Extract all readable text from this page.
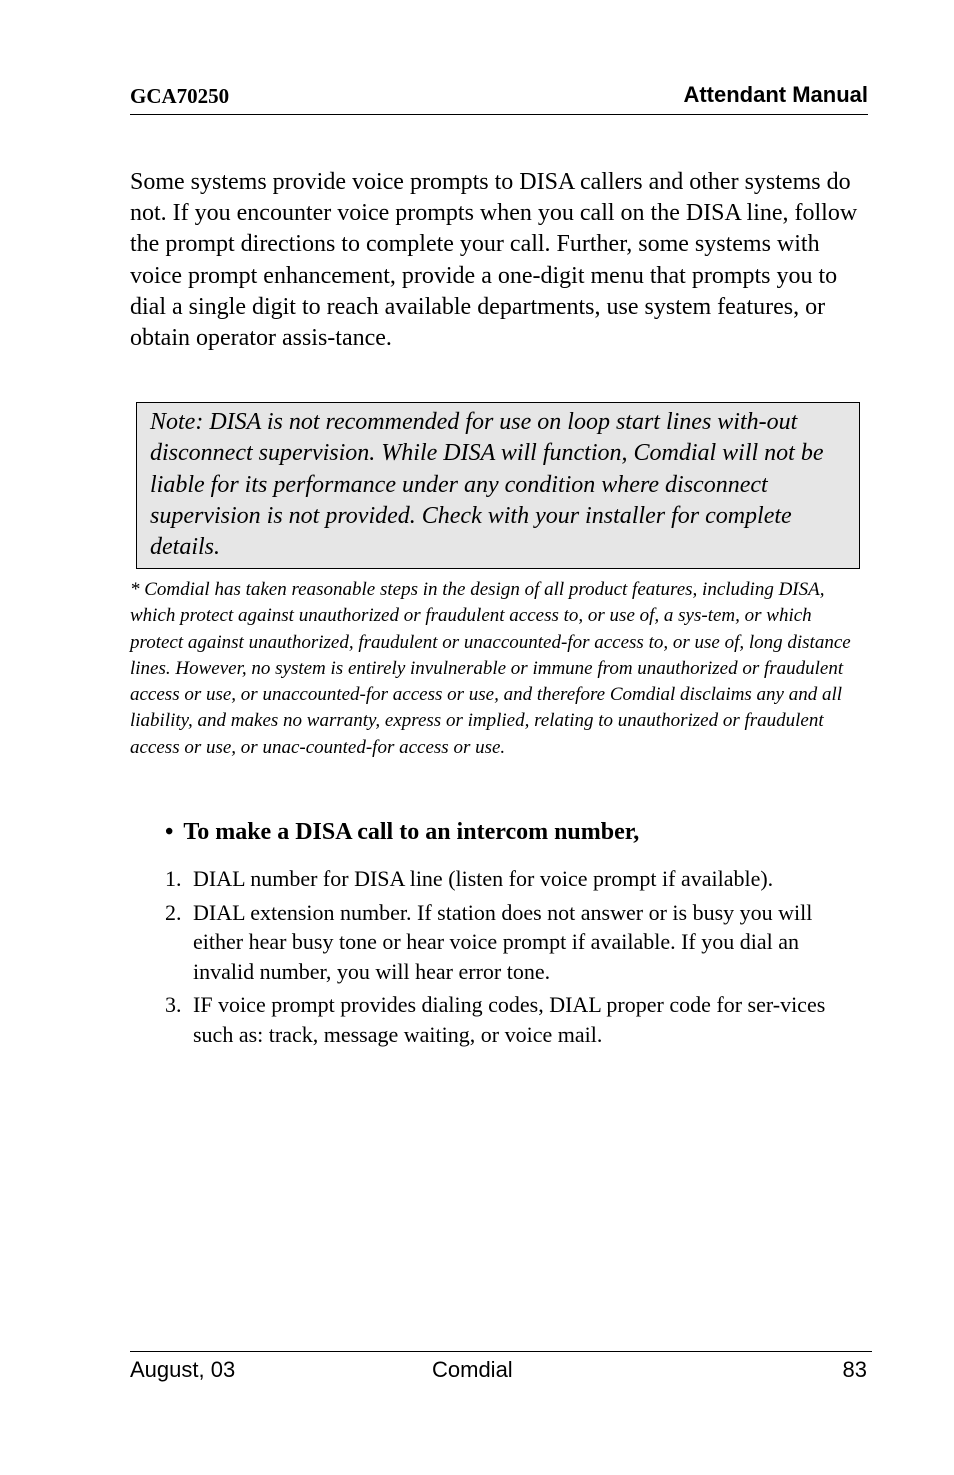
GCA70250	Attendant Manual

Some systems provide voice prompts to DISA callers and other systems do not. If you encounter voice prompts when you call on the DISA line, follow the prompt directions to complete your call. Further, some systems with voice prompt enhancement, provide a one-digit menu that prompts you to dial a single digit to reach available departments, use system features, or obtain operator assis-tance.

Note: DISA is not recommended for use on loop start lines with-out disconnect supervision. While DISA will function, Comdial will not be liable for its performance under any condition where disconnect supervision is not provided. Check with your installer for complete details.

* Comdial has taken reasonable steps in the design of all product features, including DISA, which protect against unauthorized or fraudulent access to, or use of, a sys-tem, or which protect against unauthorized, fraudulent or unaccounted-for access to, or use of, long distance lines. However, no system is entirely invulnerable or immune from unauthorized or fraudulent access or use, or unaccounted-for access or use, and therefore Comdial disclaims any and all liability, and makes no warranty, express or implied, relating to unauthorized or fraudulent access or use, or unac-counted-for access or use.

• To make a DISA call to an intercom number,
1. DIAL number for DISA line (listen for voice prompt if available).
2. DIAL extension number. If station does not answer or is busy you will either hear busy tone or hear voice prompt if available. If you dial an invalid number, you will hear error tone.
3. IF voice prompt provides dialing codes, DIAL proper code for ser-vices such as: track, message waiting, or voice mail.
August, 03	Comdial	83
